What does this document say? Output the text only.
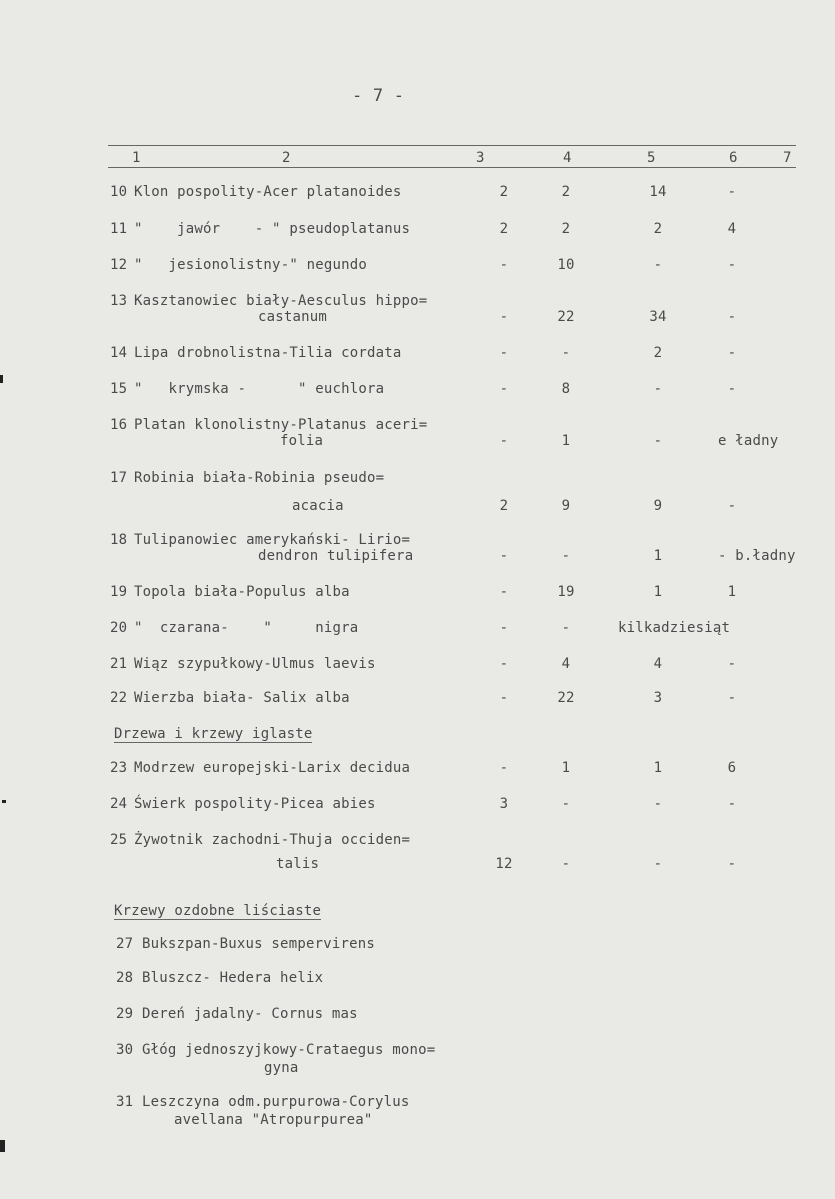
- 7 -
1	2	3	4	5	6	7
10 Klon pospolity-Acer platanoides	2	2	14	-
11 "    jawór    - " pseudoplatanus	2	2	2	4
12 "   jesionolistny-" negundo	-	10	-	-
13 Kasztanowiec biały-Aesculus hippo=
castanum	-	22	34	-
14 Lipa drobnolistna-Tilia cordata	-	-	2	-
15 "   krymska -      " euchlora	-	8	-	-
16 Platan klonolistny-Platanus aceri=
folia	-	1	-	e ładny
17 Robinia biała-Robinia pseudo=
acacia	2	9	9	-
18 Tulipanowiec amerykański- Lirio=
dendron tulipifera	-	-	1	- b.ładny
19 Topola biała-Populus alba	-	19	1	1
20 "  czarana-    "     nigra	-	-	kilkadziesiąt
21 Wiąz szypułkowy-Ulmus laevis	-	4	4	-
22 Wierzba biała- Salix alba	-	22	3	-
Drzewa i krzewy iglaste
23 Modrzew europejski-Larix decidua	-	1	1	6
24 Świerk pospolity-Picea abies	3	-	-	-
25 Żywotnik zachodni-Thuja occiden=
talis	12	-	-	-
Krzewy ozdobne liściaste
27 Bukszpan-Buxus sempervirens
28 Bluszcz- Hedera helix
29 Dereń jadalny- Cornus mas
30 Głóg jednoszyjkowy-Crataegus mono=
gyna
31 Leszczyna odm.purpurowa-Corylus
avellana "Atropurpurea"
